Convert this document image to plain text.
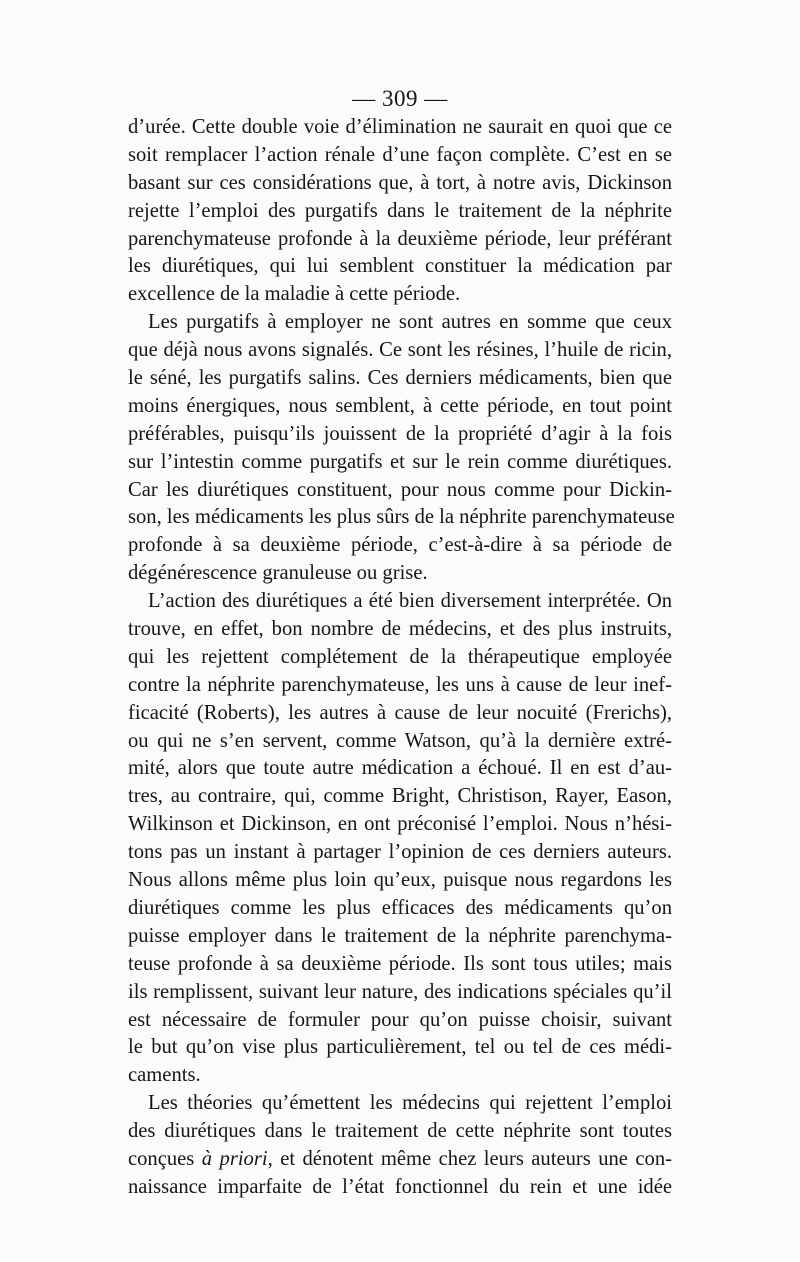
— 309 —
d’urée. Cette double voie d’élimination ne saurait en quoi que ce
soit remplacer l’action rénale d’une façon complète. C’est en se
basant sur ces considérations que, à tort, à notre avis, Dickinson
rejette l’emploi des purgatifs dans le traitement de la néphrite
parenchymateuse profonde à la deuxième période, leur préférant
les diurétiques, qui lui semblent constituer la médication par
excellence de la maladie à cette période.
Les purgatifs à employer ne sont autres en somme que ceux
que déjà nous avons signalés. Ce sont les résines, l’huile de ricin,
le séné, les purgatifs salins. Ces derniers médicaments, bien que
moins énergiques, nous semblent, à cette période, en tout point
préférables, puisqu’ils jouissent de la propriété d’agir à la fois
sur l’intestin comme purgatifs et sur le rein comme diurétiques.
Car les diurétiques constituent, pour nous comme pour Dickin-
son, les médicaments les plus sûrs de la néphrite parenchymateuse
profonde à sa deuxième période, c’est-à-dire à sa période de
dégénérescence granuleuse ou grise.
L’action des diurétiques a été bien diversement interprétée. On
trouve, en effet, bon nombre de médecins, et des plus instruits,
qui les rejettent complétement de la thérapeutique employée
contre la néphrite parenchymateuse, les uns à cause de leur inef-
ficacité (Roberts), les autres à cause de leur nocuité (Frerichs),
ou qui ne s’en servent, comme Watson, qu’à la dernière extré-
mité, alors que toute autre médication a échoué. Il en est d’au-
tres, au contraire, qui, comme Bright, Christison, Rayer, Eason,
Wilkinson et Dickinson, en ont préconisé l’emploi. Nous n’hési-
tons pas un instant à partager l’opinion de ces derniers auteurs.
Nous allons même plus loin qu’eux, puisque nous regardons les
diurétiques comme les plus efficaces des médicaments qu’on
puisse employer dans le traitement de la néphrite parenchyma-
teuse profonde à sa deuxième période. Ils sont tous utiles; mais
ils remplissent, suivant leur nature, des indications spéciales qu’il
est nécessaire de formuler pour qu’on puisse choisir, suivant
le but qu’on vise plus particulièrement, tel ou tel de ces médi-
caments.
Les théories qu’émettent les médecins qui rejettent l’emploi
des diurétiques dans le traitement de cette néphrite sont toutes
conçues à priori, et dénotent même chez leurs auteurs une con-
naissance imparfaite de l’état fonctionnel du rein et une idée
